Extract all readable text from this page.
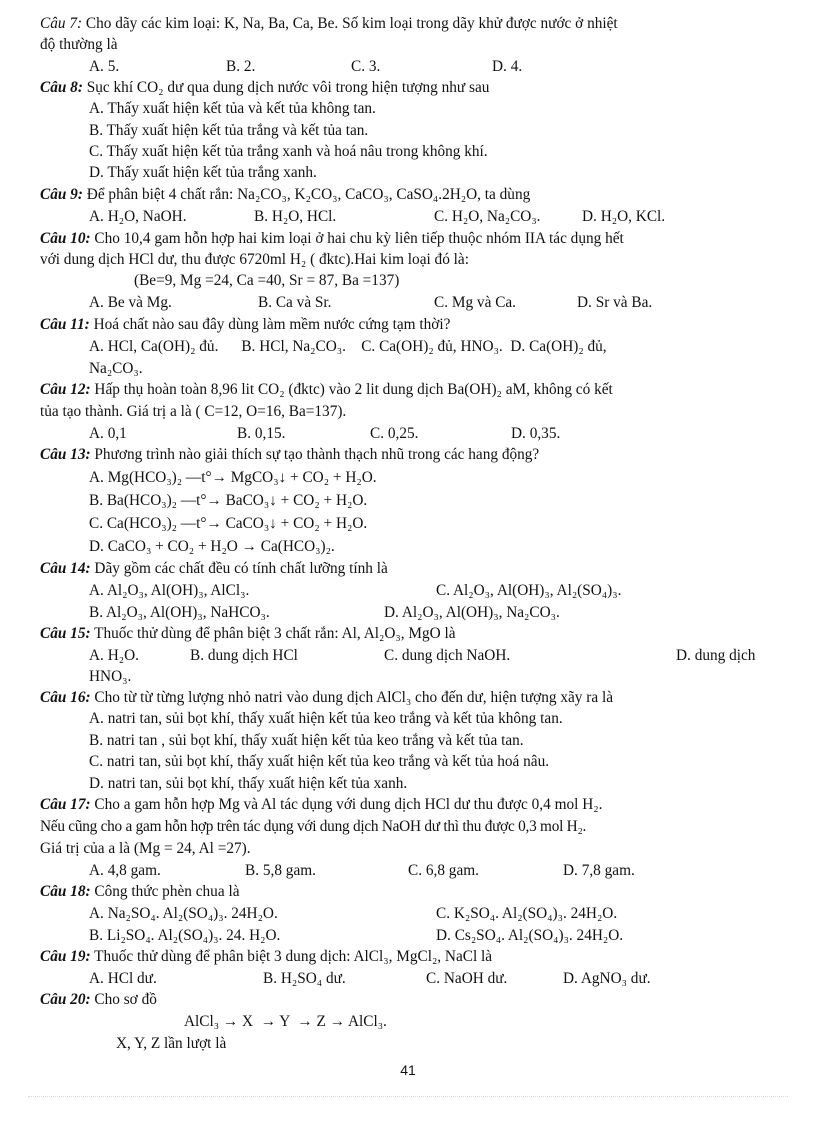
Câu 7: Cho dãy các kim loại: K, Na, Ba, Ca, Be. Số kim loại trong dãy khử được nước ở nhiệt
độ thường là
A. 5.	B. 2.	C. 3.	D. 4.
Câu 8: Sục khí CO₂ dư qua dung dịch nước vôi trong hiện tượng như sau
A. Thấy xuất hiện kết tủa và kết tủa không tan.
B. Thấy xuất hiện kết tủa trắng và kết tủa tan.
C. Thấy xuất hiện kết tủa trắng xanh và hoá nâu trong không khí.
D. Thấy xuất hiện kết tủa trắng xanh.
Câu 9: Để phân biệt 4 chất rắn: Na₂CO₃, K₂CO₃, CaCO₃, CaSO₄.2H₂O, ta dùng
A. H₂O, NaOH.	B. H₂O, HCl.	C. H₂O, Na₂CO₃.	D. H₂O, KCl.
Câu 10: Cho 10,4 gam hỗn hợp hai kim loại ở hai chu kỳ liên tiếp thuộc nhóm IIA tác dụng hết
với dung dịch HCl dư, thu được 6720ml H₂ ( đktc).Hai kim loại đó là:
(Be=9, Mg =24, Ca =40, Sr = 87, Ba =137)
A. Be và Mg.	B. Ca và Sr.	C. Mg và Ca.	D. Sr và Ba.
Câu 11: Hoá chất nào sau đây dùng làm mềm nước cứng tạm thời?
A. HCl, Ca(OH)₂ đủ.      B. HCl, Na₂CO₃.    C. Ca(OH)₂ đủ, HNO₃.  D. Ca(OH)₂ đủ,
Na₂CO₃.
Câu 12: Hấp thụ hoàn toàn 8,96 lit CO₂ (đktc) vào 2 lit dung dịch Ba(OH)₂ aM, không có kết
tủa tạo thành. Giá trị a là ( C=12, O=16, Ba=137).
A. 0,1	B. 0,15.	C. 0,25.	D. 0,35.
Câu 13: Phương trình nào giải thích sự tạo thành thạch nhũ trong các hang động?
A. Mg(HCO₃)₂ —t°→ MgCO₃↓ + CO₂ + H₂O.
B. Ba(HCO₃)₂ —t°→ BaCO₃↓ + CO₂ + H₂O.
C. Ca(HCO₃)₂ —t°→ CaCO₃↓ + CO₂ + H₂O.
D. CaCO₃ + CO₂ + H₂O → Ca(HCO₃)₂.
Câu 14: Dãy gồm các chất đều có tính chất lưỡng tính là
A. Al₂O₃, Al(OH)₃, AlCl₃.	C. Al₂O₃, Al(OH)₃, Al₂(SO₄)₃.
B. Al₂O₃, Al(OH)₃, NaHCO₃.	D. Al₂O₃, Al(OH)₃, Na₂CO₃.
Câu 15: Thuốc thử dùng để phân biệt 3 chất rắn: Al, Al₂O₃, MgO là
A. H₂O.	B. dung dịch HCl	C. dung dịch NaOH.	D. dung dịch
HNO₃.
Câu 16: Cho từ từ từng lượng nhỏ natri vào dung dịch AlCl₃ cho đến dư, hiện tượng xãy ra là
A. natri tan, sủi bọt khí, thấy xuất hiện kết tủa keo trắng và kết tủa không tan.
B. natri tan , sủi bọt khí, thấy xuất hiện kết tủa keo trắng và kết tủa tan.
C. natri tan, sủi bọt khí, thấy xuất hiện kết tủa keo trắng và kết tủa hoá nâu.
D. natri tan, sủi bọt khí, thấy xuất hiện kết tủa xanh.
Câu 17: Cho a gam hỗn hợp Mg và Al tác dụng với dung dịch HCl dư thu được 0,4 mol H₂.
Nếu cũng cho a gam hỗn hợp trên tác dụng với dung dịch NaOH dư thì thu được 0,3 mol H₂.
Giá trị của a là (Mg = 24, Al =27).
A. 4,8 gam.	B. 5,8 gam.	C. 6,8 gam.	D. 7,8 gam.
Câu 18: Công thức phèn chua là
A. Na₂SO₄. Al₂(SO₄)₃. 24H₂O.	C. K₂SO₄. Al₂(SO₄)₃. 24H₂O.
B. Li₂SO₄. Al₂(SO₄)₃. 24. H₂O.	D. Cs₂SO₄. Al₂(SO₄)₃. 24H₂O.
Câu 19: Thuốc thử dùng để phân biệt 3 dung dịch: AlCl₃, MgCl₂, NaCl là
A. HCl dư.	B. H₂SO₄ dư.	C. NaOH dư.	D. AgNO₃ dư.
Câu 20: Cho sơ đồ
AlCl₃ → X  → Y  → Z → AlCl₃.
X, Y, Z lần lượt là
41
